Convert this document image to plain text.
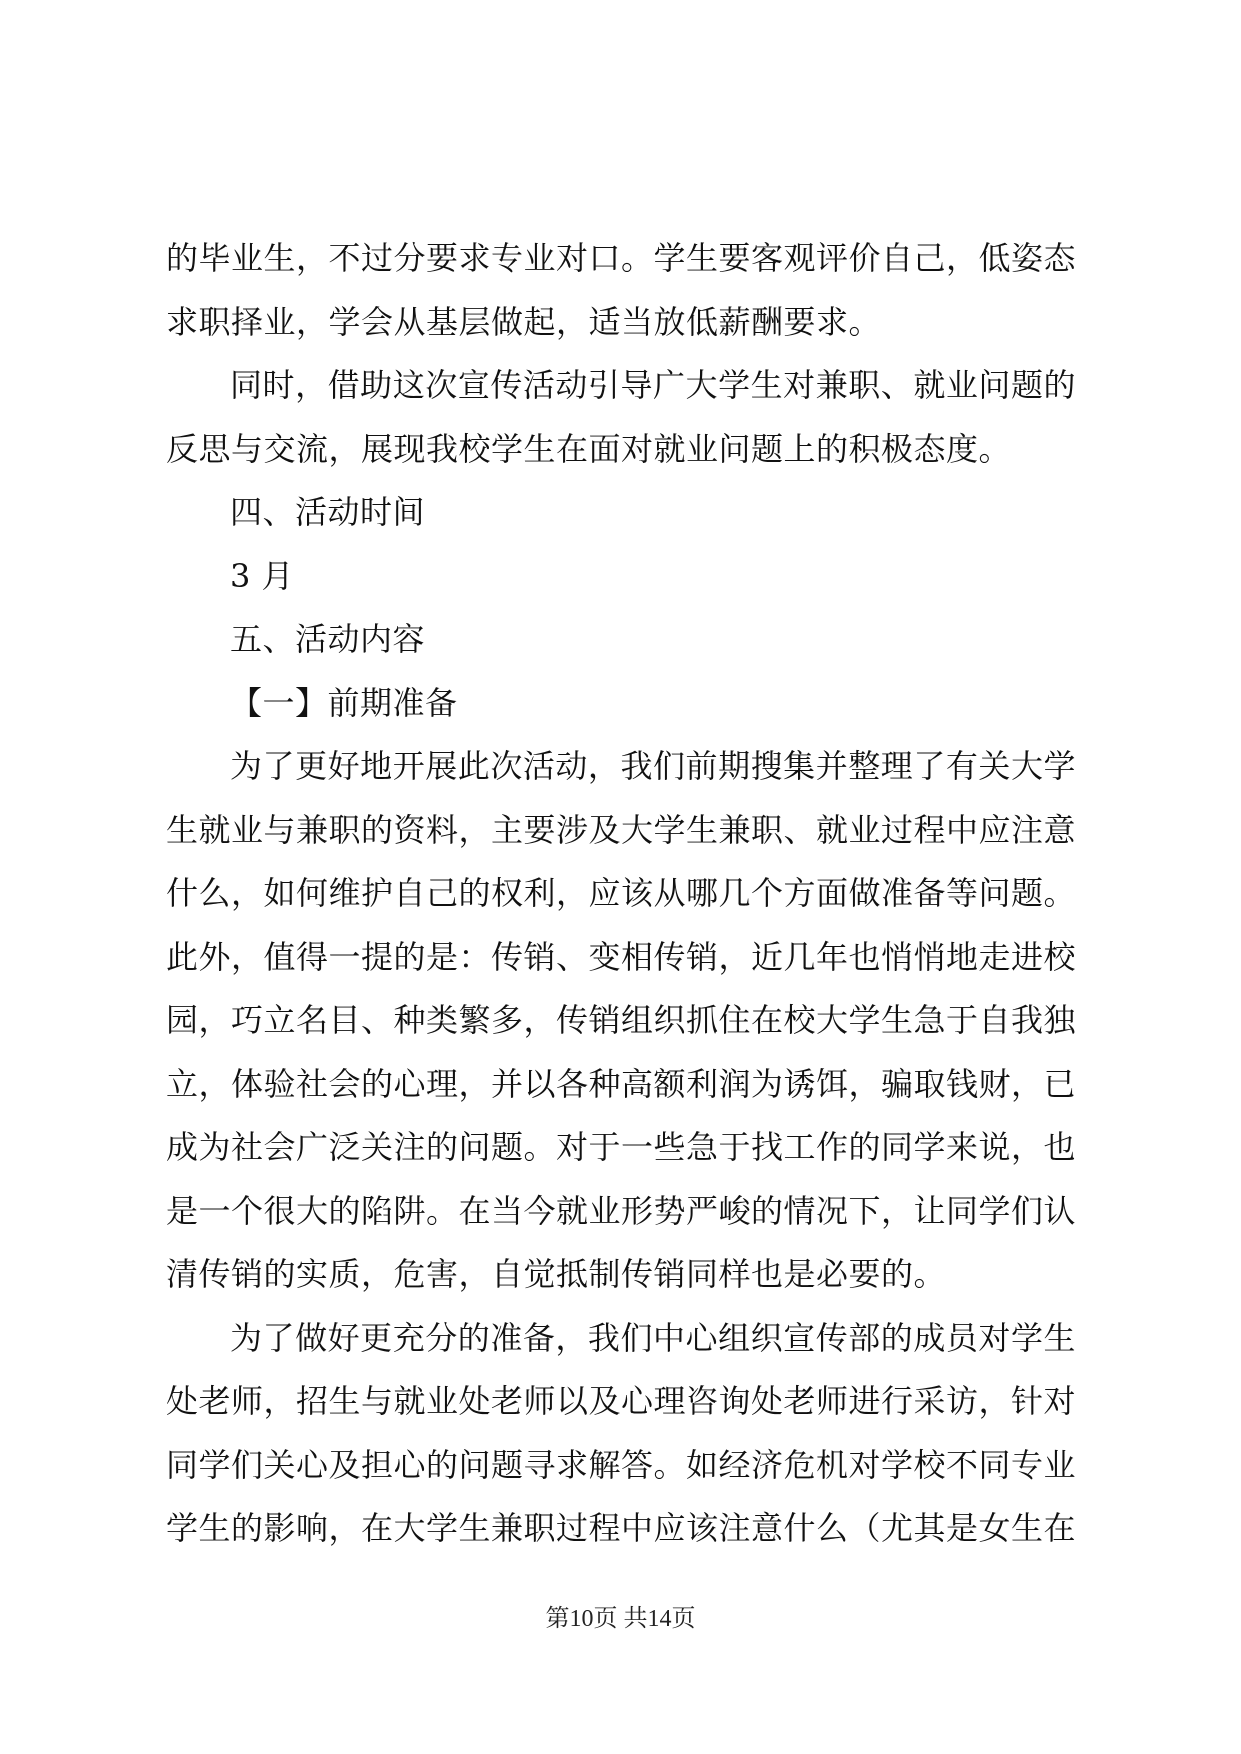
的毕业生，不过分要求专业对口。学生要客观评价自己，低姿态
求职择业，学会从基层做起，适当放低薪酬要求。
同时，借助这次宣传活动引导广大学生对兼职、就业问题的
反思与交流，展现我校学生在面对就业问题上的积极态度。
四、活动时间
3 月
五、活动内容
【一】前期准备
为了更好地开展此次活动，我们前期搜集并整理了有关大学
生就业与兼职的资料，主要涉及大学生兼职、就业过程中应注意
什么，如何维护自己的权利，应该从哪几个方面做准备等问题。
此外，值得一提的是：传销、变相传销，近几年也悄悄地走进校
园，巧立名目、种类繁多，传销组织抓住在校大学生急于自我独
立，体验社会的心理，并以各种高额利润为诱饵，骗取钱财，已
成为社会广泛关注的问题。对于一些急于找工作的同学来说，也
是一个很大的陷阱。在当今就业形势严峻的情况下，让同学们认
清传销的实质，危害，自觉抵制传销同样也是必要的。
为了做好更充分的准备，我们中心组织宣传部的成员对学生
处老师，招生与就业处老师以及心理咨询处老师进行采访，针对
同学们关心及担心的问题寻求解答。如经济危机对学校不同专业
学生的影响，在大学生兼职过程中应该注意什么（尤其是女生在
第10页 共14页
